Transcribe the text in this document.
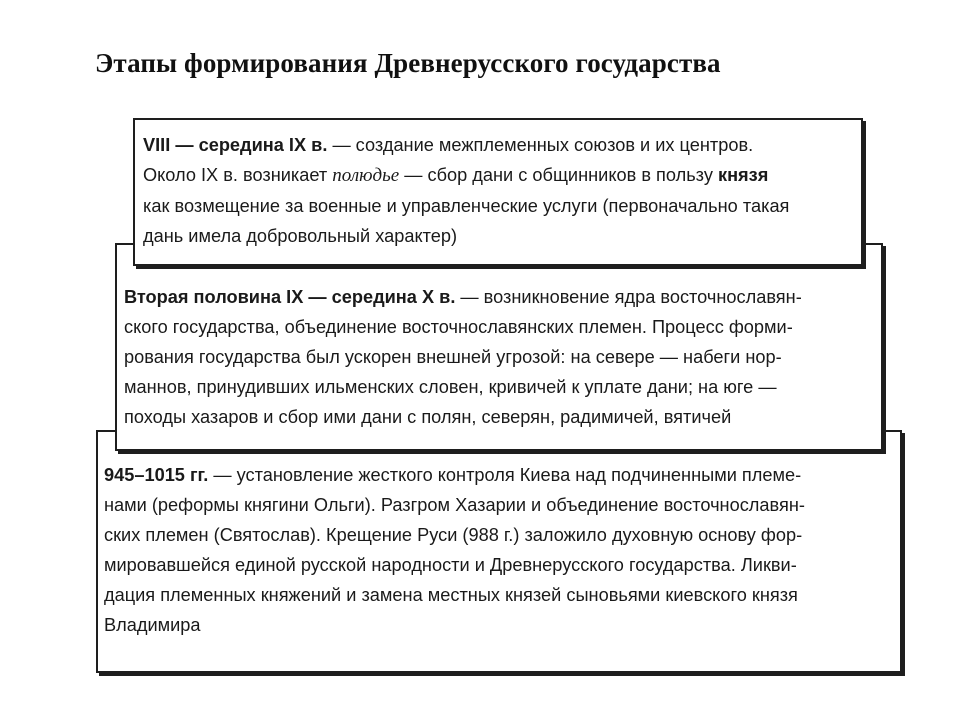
Этапы формирования Древнерусского государства
945–1015 гг. — установление жесткого контроля Киева над подчиненными племе-
нами (реформы княгини Ольги). Разгром Хазарии и объединение восточнославян-
ских племен (Святослав). Крещение Руси (988 г.) заложило духовную основу фор-
мировавшейся единой русской народности и Древнерусского государства. Ликви-
дация племенных княжений и замена местных князей сыновьями киевского князя
Владимира
Вторая половина IX — середина X в. — возникновение ядра восточнославян-
ского государства, объединение восточнославянских племен. Процесс форми-
рования государства был ускорен внешней угрозой: на севере — набеги нор-
маннов, принудивших ильменских словен, кривичей к уплате дани; на юге —
походы хазаров и сбор ими дани с полян, северян, радимичей, вятичей
VIII — середина IX в. — создание межплеменных союзов и их центров.
Около IX в. возникает полюдье — сбор дани с общинников в пользу князя
как возмещение за военные и управленческие услуги (первоначально такая
дань имела добровольный характер)
